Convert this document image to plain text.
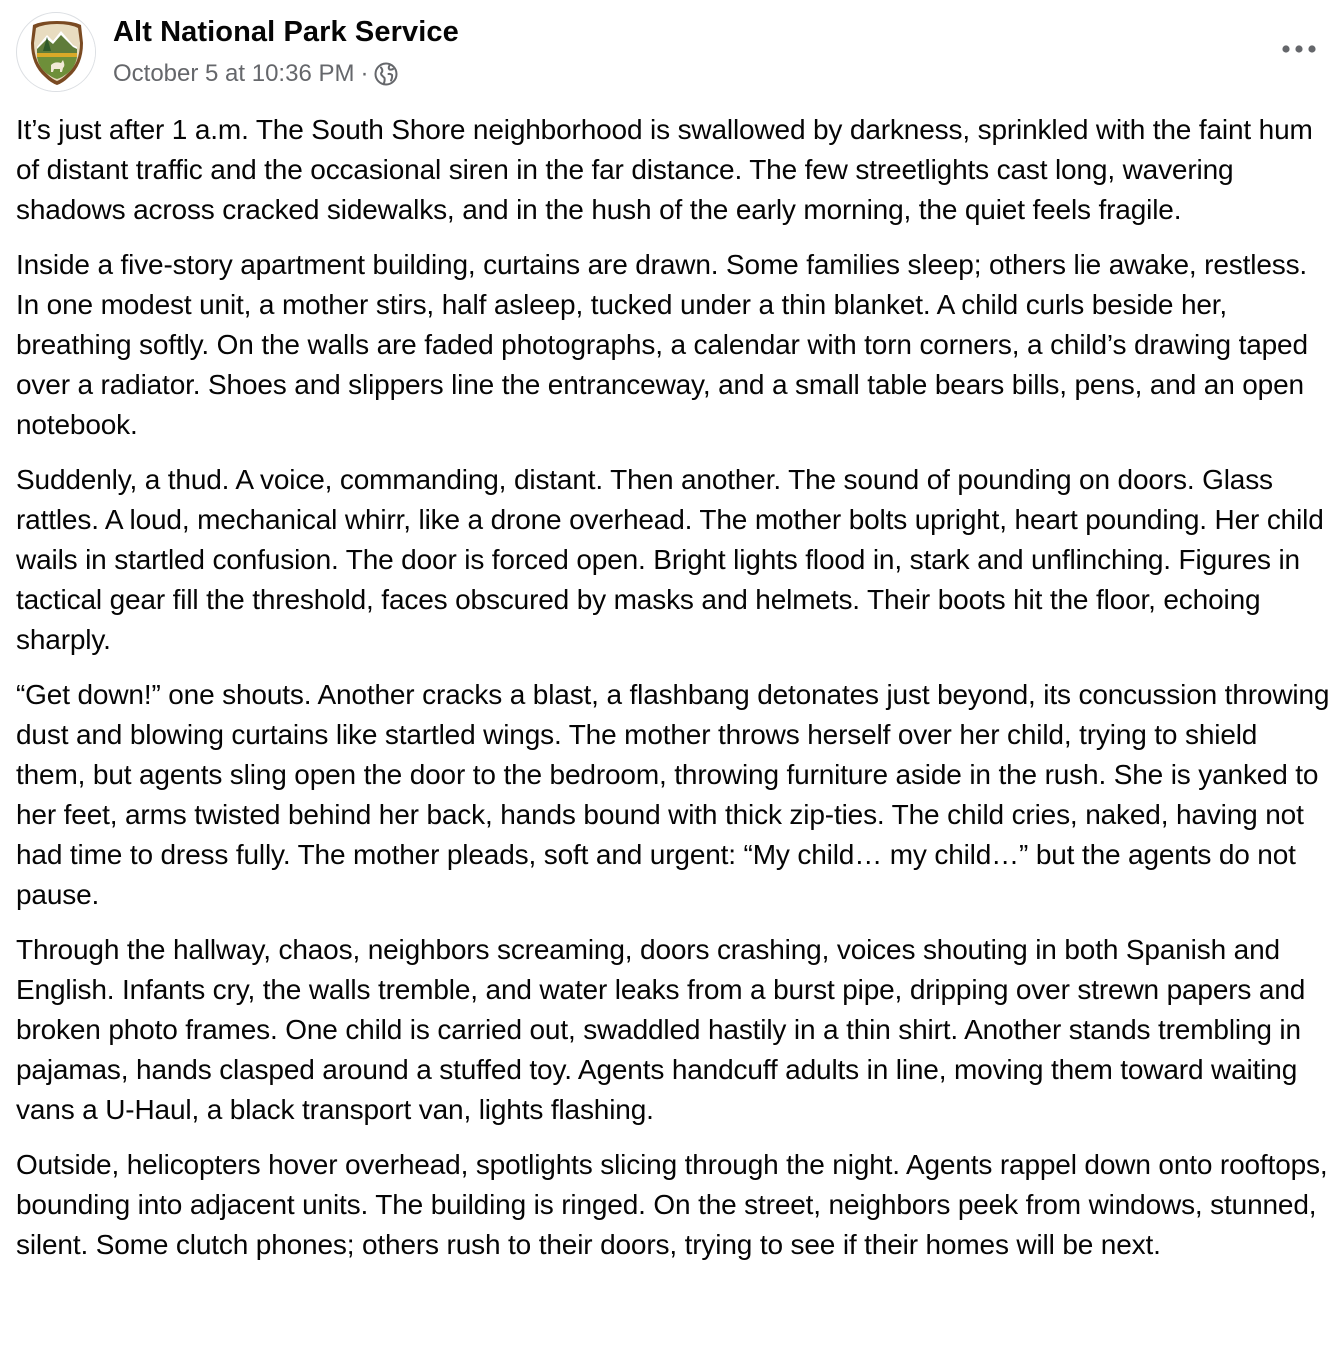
Alt National Park Service
October 5 at 10:36 PM ·

It’s just after 1 a.m. The South Shore neighborhood is swallowed by darkness, sprinkled with the faint hum of distant traffic and the occasional siren in the far distance. The few streetlights cast long, wavering shadows across cracked sidewalks, and in the hush of the early morning, the quiet feels fragile.

Inside a five-story apartment building, curtains are drawn. Some families sleep; others lie awake, restless. In one modest unit, a mother stirs, half asleep, tucked under a thin blanket. A child curls beside her, breathing softly. On the walls are faded photographs, a calendar with torn corners, a child’s drawing taped over a radiator. Shoes and slippers line the entranceway, and a small table bears bills, pens, and an open notebook.

Suddenly, a thud. A voice, commanding, distant. Then another. The sound of pounding on doors. Glass rattles. A loud, mechanical whirr, like a drone overhead. The mother bolts upright, heart pounding. Her child wails in startled confusion. The door is forced open. Bright lights flood in, stark and unflinching. Figures in tactical gear fill the threshold, faces obscured by masks and helmets. Their boots hit the floor, echoing sharply.

“Get down!” one shouts. Another cracks a blast, a flashbang detonates just beyond, its concussion throwing dust and blowing curtains like startled wings. The mother throws herself over her child, trying to shield them, but agents sling open the door to the bedroom, throwing furniture aside in the rush. She is yanked to her feet, arms twisted behind her back, hands bound with thick zip-ties. The child cries, naked, having not had time to dress fully. The mother pleads, soft and urgent: “My child… my child…” but the agents do not pause.

Through the hallway, chaos, neighbors screaming, doors crashing, voices shouting in both Spanish and English. Infants cry, the walls tremble, and water leaks from a burst pipe, dripping over strewn papers and broken photo frames. One child is carried out, swaddled hastily in a thin shirt. Another stands trembling in pajamas, hands clasped around a stuffed toy. Agents handcuff adults in line, moving them toward waiting vans a U-Haul, a black transport van, lights flashing.

Outside, helicopters hover overhead, spotlights slicing through the night. Agents rappel down onto rooftops, bounding into adjacent units. The building is ringed. On the street, neighbors peek from windows, stunned, silent. Some clutch phones; others rush to their doors, trying to see if their homes will be next.
